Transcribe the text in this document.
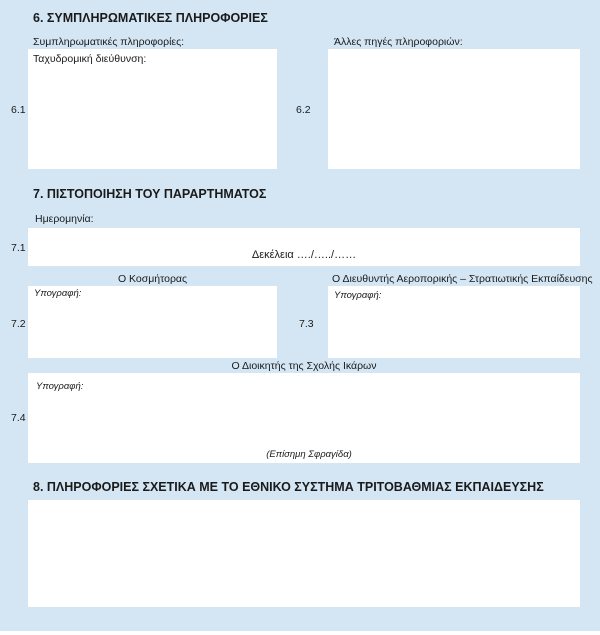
6. ΣΥΜΠΛΗΡΩΜΑΤΙΚΕΣ ΠΛΗΡΟΦΟΡΙΕΣ
Συμπληρωματικές πληροφορίες:
6.1
Ταχυδρομική διεύθυνση:
Άλλες πηγές πληροφοριών:
6.2
7. ΠΙΣΤΟΠΟΙΗΣΗ ΤΟΥ ΠΑΡΑΡΤΗΜΑΤΟΣ
Ημερομηνία:
7.1
Δεκέλεια …./…../……
Ο Κοσμήτορας
7.2
Υπογραφή:
Ο Διευθυντής Αεροπορικής – Στρατιωτικής Εκπαίδευσης
7.3
Υπογραφή:
Ο Διοικητής της Σχολής Ικάρων
7.4
Υπογραφή:
(Επίσημη Σφραγίδα)
8. ΠΛΗΡΟΦΟΡΙΕΣ ΣΧΕΤΙΚΑ ΜΕ ΤΟ ΕΘΝΙΚΟ ΣΥΣΤΗΜΑ ΤΡΙΤΟΒΑΘΜΙΑΣ ΕΚΠΑΙΔΕΥΣΗΣ
